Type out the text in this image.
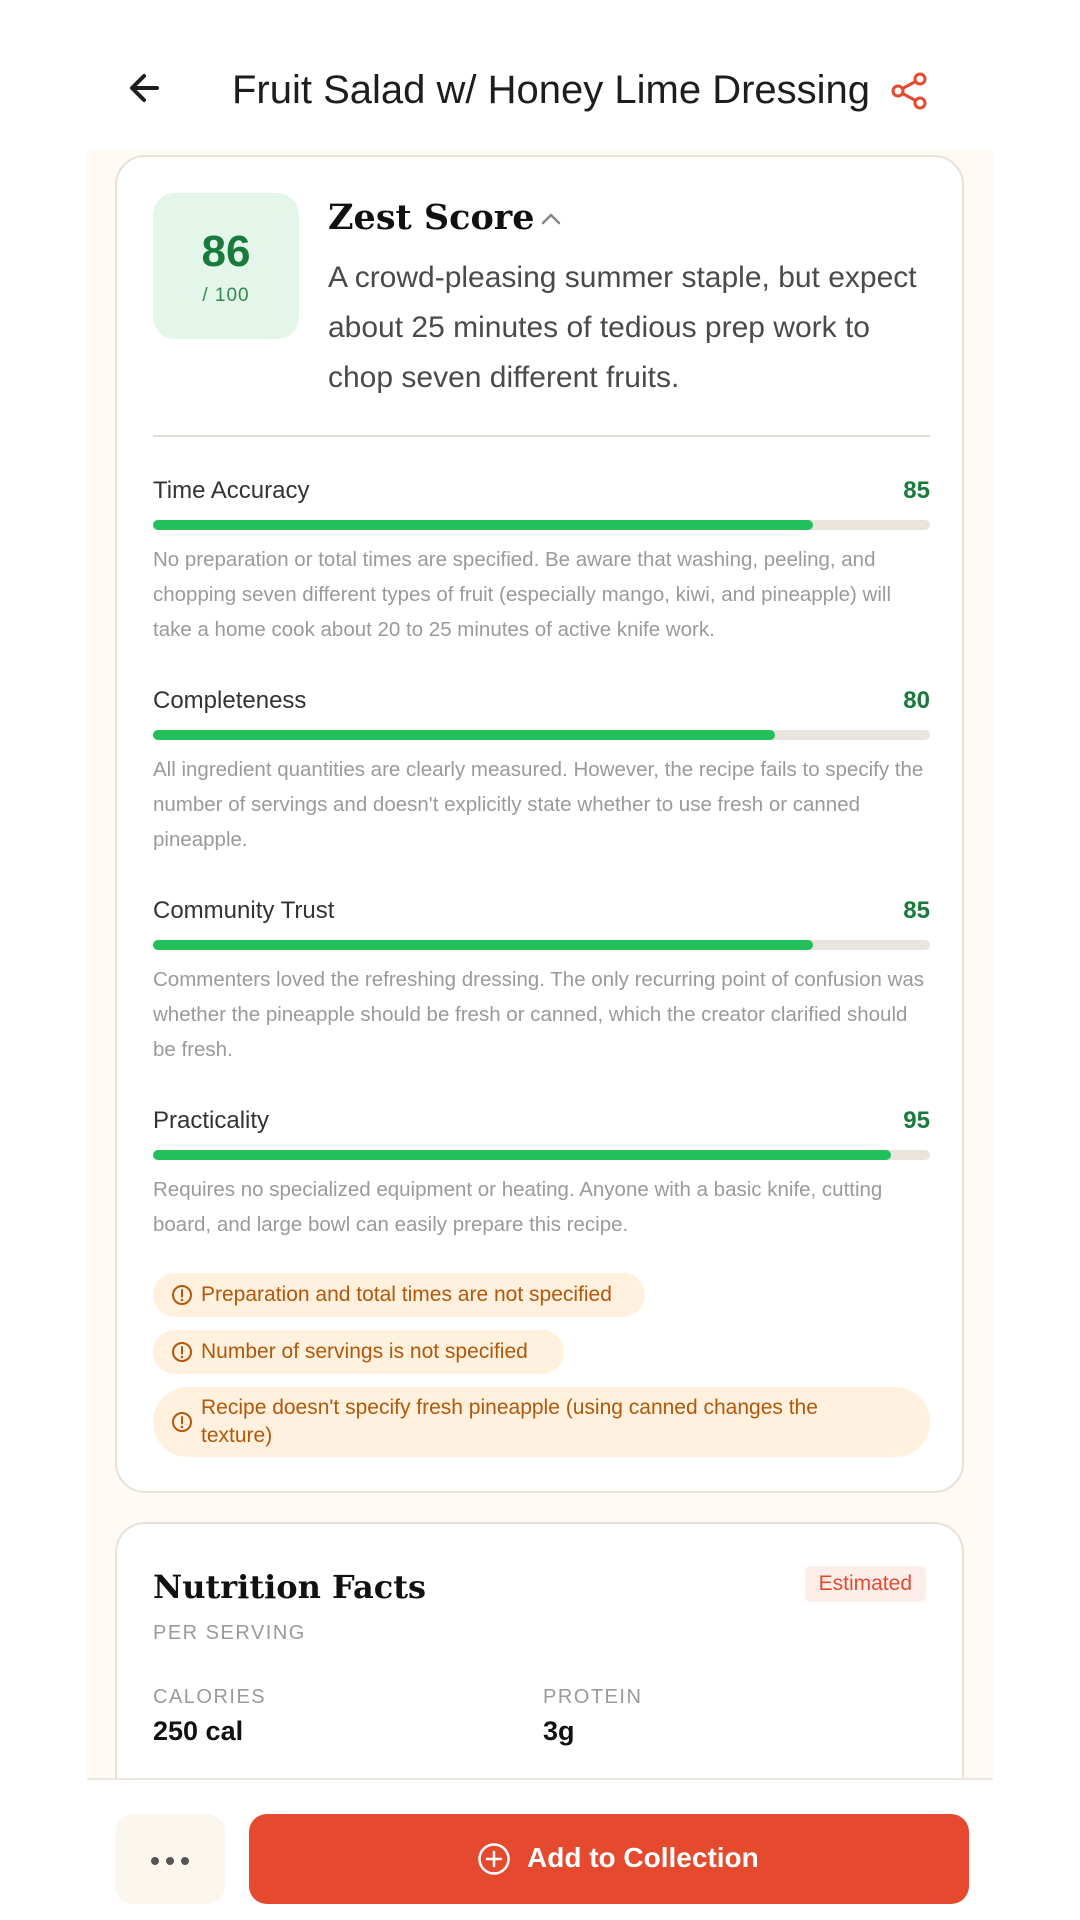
Fruit Salad w/ Honey Lime Dressing
86
/ 100
Zest Score
A crowd-pleasing summer staple, but expect about 25 minutes of tedious prep work to chop seven different fruits.
Time Accuracy	85
No preparation or total times are specified. Be aware that washing, peeling, and chopping seven different types of fruit (especially mango, kiwi, and pineapple) will take a home cook about 20 to 25 minutes of active knife work.
Completeness	80
All ingredient quantities are clearly measured. However, the recipe fails to specify the number of servings and doesn't explicitly state whether to use fresh or canned pineapple.
Community Trust	85
Commenters loved the refreshing dressing. The only recurring point of confusion was whether the pineapple should be fresh or canned, which the creator clarified should be fresh.
Practicality	95
Requires no specialized equipment or heating. Anyone with a basic knife, cutting board, and large bowl can easily prepare this recipe.
Preparation and total times are not specified
Number of servings is not specified
Recipe doesn't specify fresh pineapple (using canned changes the texture)
Nutrition Facts	Estimated
PER SERVING
CALORIES
250 cal
PROTEIN
3g
Add to Collection
